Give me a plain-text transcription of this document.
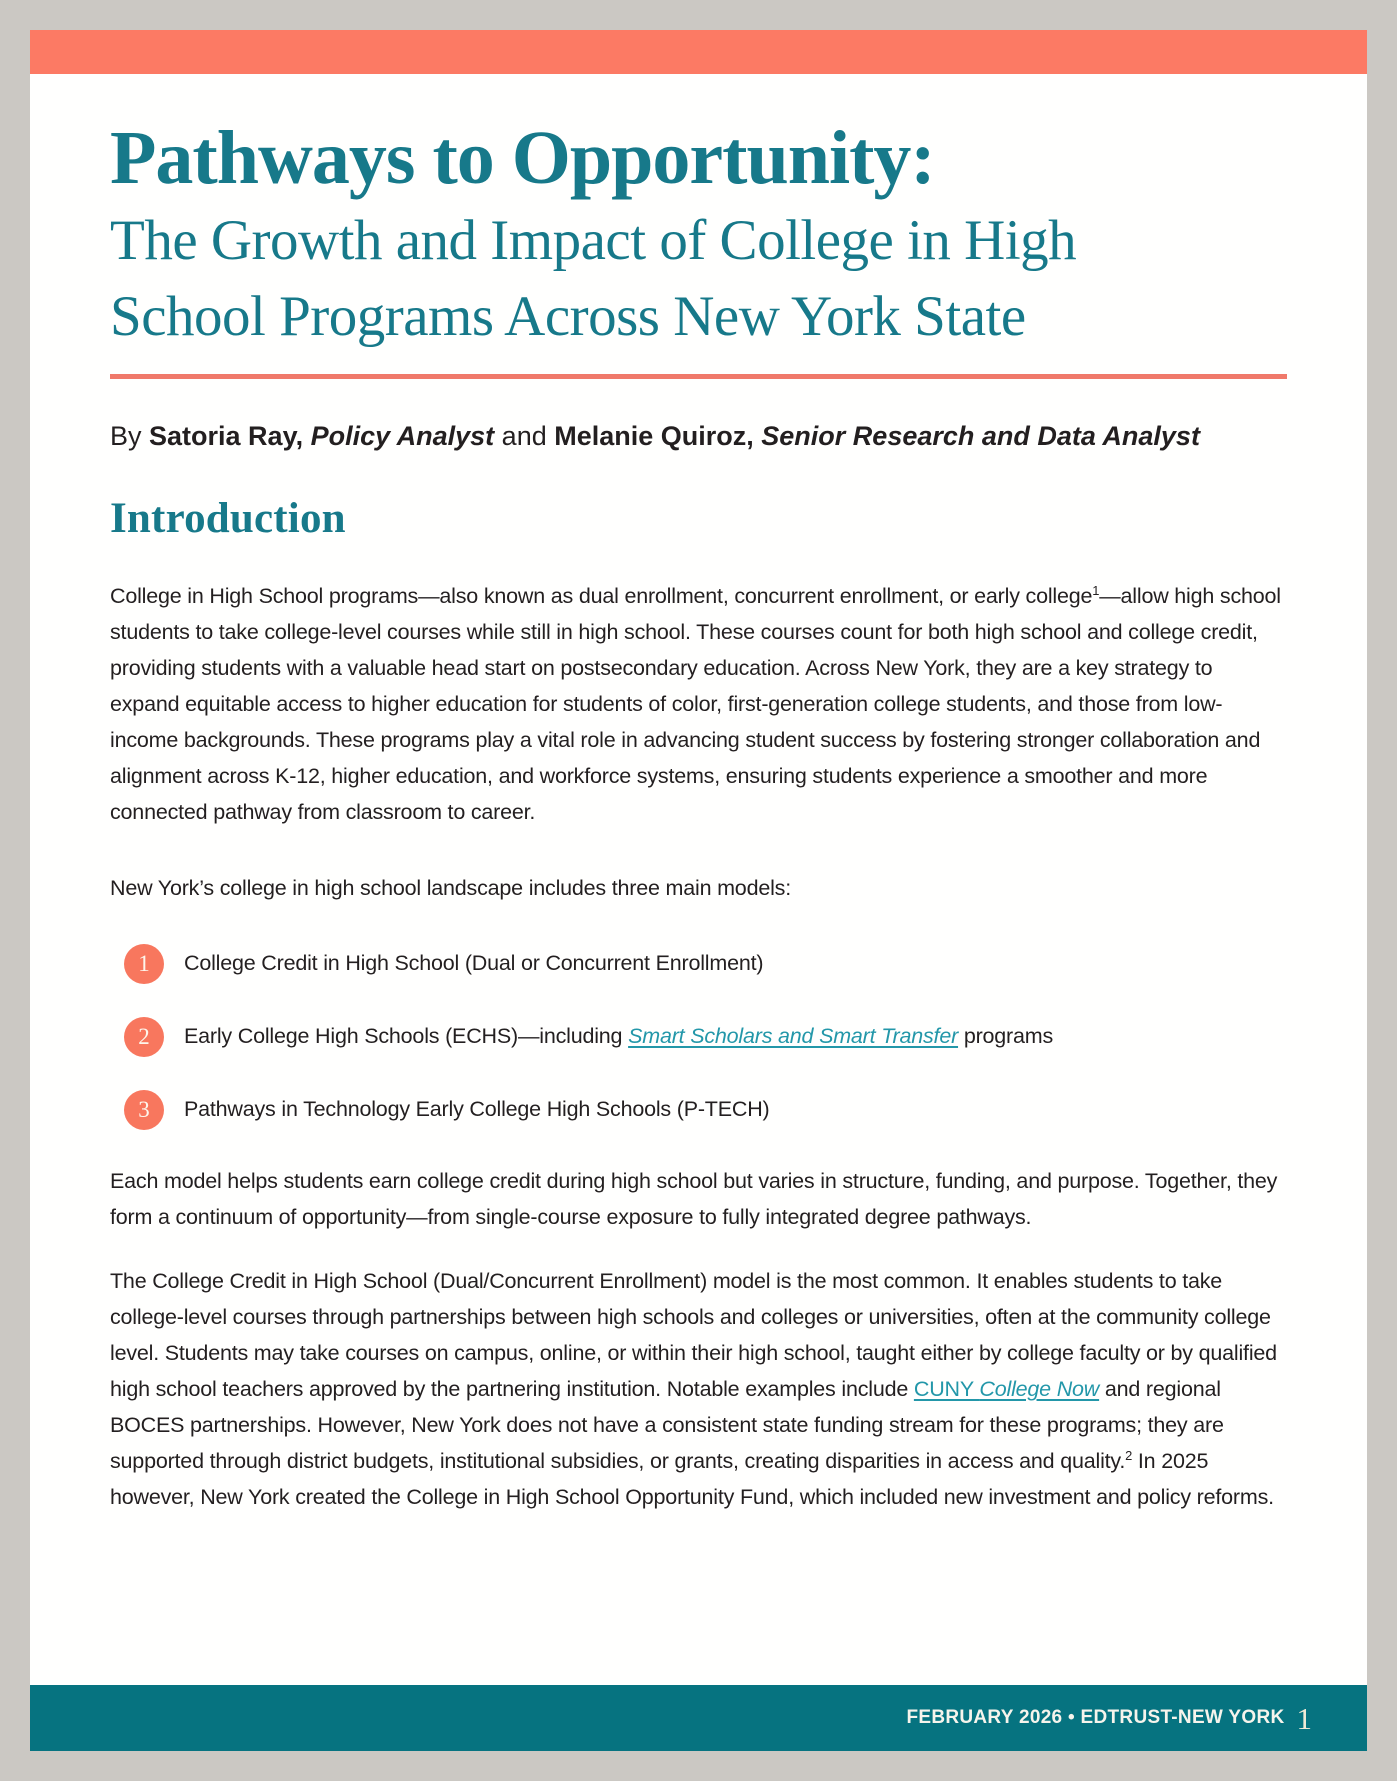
Pathways to Opportunity:
The Growth and Impact of College in High
School Programs Across New York State

By Satoria Ray, Policy Analyst and Melanie Quiroz, Senior Research and Data Analyst

Introduction

College in High School programs—also known as dual enrollment, concurrent enrollment, or early college$^1$—allow high school students to take college-level courses while still in high school. These courses count for both high school and college credit, providing students with a valuable head start on postsecondary education. Across New York, they are a key strategy to expand equitable access to higher education for students of color, first-generation college students, and those from low-income backgrounds. These programs play a vital role in advancing student success by fostering stronger collaboration and alignment across K-12, higher education, and workforce systems, ensuring students experience a smoother and more connected pathway from classroom to career.

New York’s college in high school landscape includes three main models:

1	College Credit in High School (Dual or Concurrent Enrollment)
2	Early College High Schools (ECHS)—including Smart Scholars and Smart Transfer programs
3	Pathways in Technology Early College High Schools (P-TECH)

Each model helps students earn college credit during high school but varies in structure, funding, and purpose. Together, they form a continuum of opportunity—from single-course exposure to fully integrated degree pathways.

The College Credit in High School (Dual/Concurrent Enrollment) model is the most common. It enables students to take college-level courses through partnerships between high schools and colleges or universities, often at the community college level. Students may take courses on campus, online, or within their high school, taught either by college faculty or by qualified high school teachers approved by the partnering institution. Notable examples include CUNY College Now and regional BOCES partnerships. However, New York does not have a consistent state funding stream for these programs; they are supported through district budgets, institutional subsidies, or grants, creating disparities in access and quality.$^2$ In 2025 however, New York created the College in High School Opportunity Fund, which included new investment and policy reforms.

FEBRUARY 2026 • EDTRUST-NEW YORK 1
